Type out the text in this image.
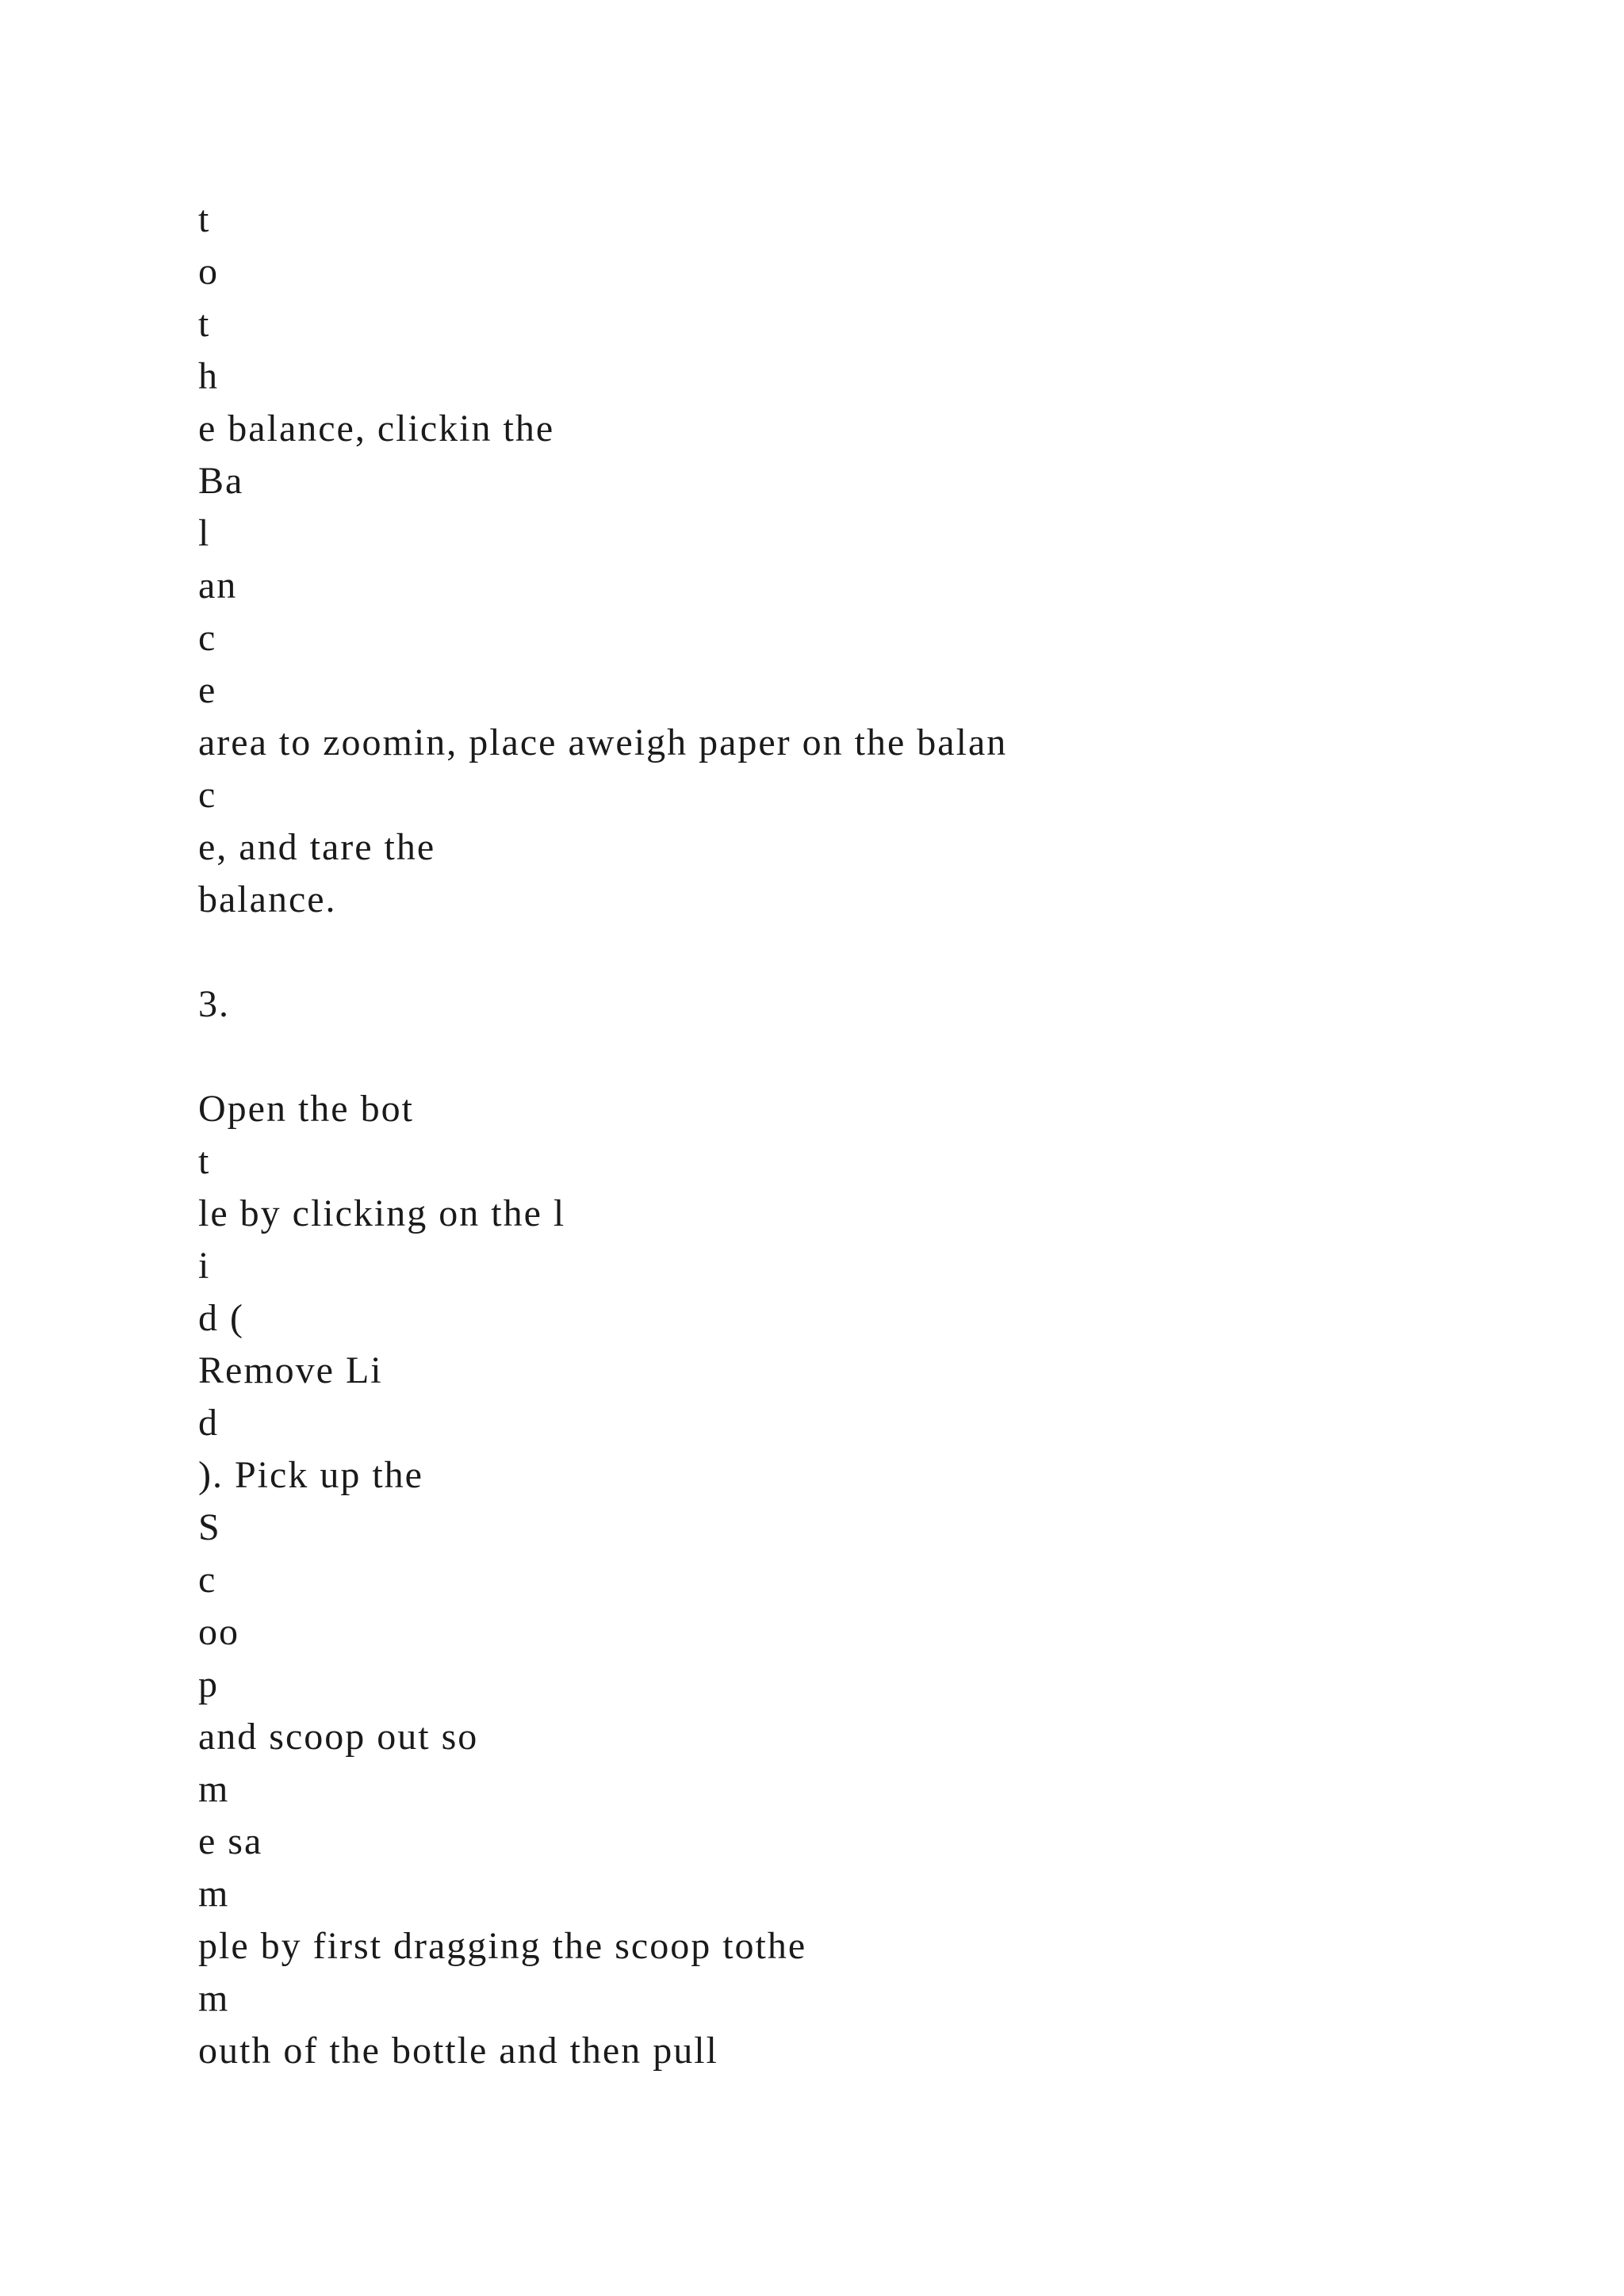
t
o
t
h
e balance, clickin the
Ba
l
an
c
e
area to zoomin, place aweigh paper on the balan
c
e, and tare the
balance.
3.
Open the bot
t
le by clicking on the l
i
d (
Remove Li
d
). Pick up the
S
c
oo
p
and scoop out so
m
e sa
m
ple by first dragging the scoop tothe
m
outh of the bottle and then pull
